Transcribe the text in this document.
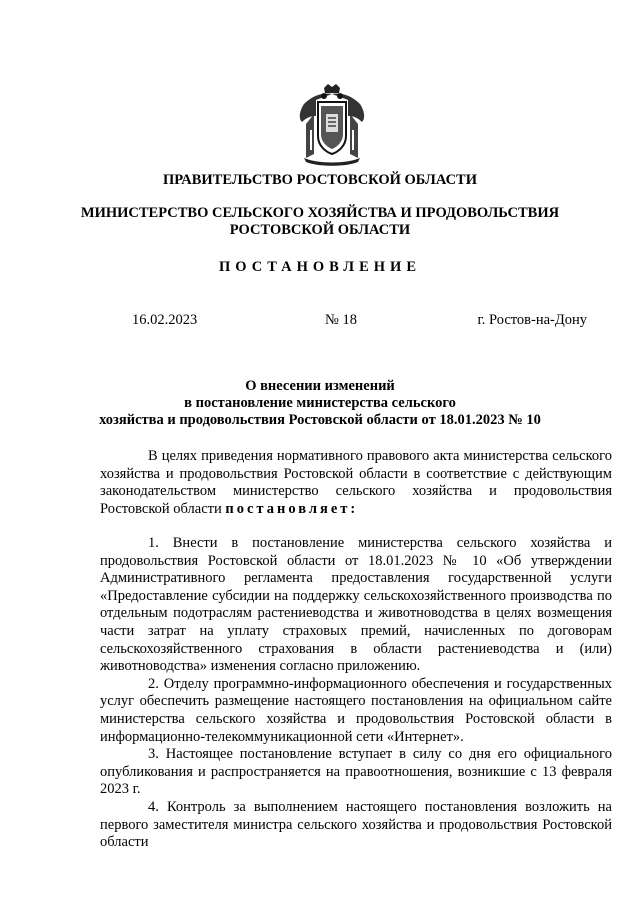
ПРАВИТЕЛЬСТВО РОСТОВСКОЙ ОБЛАСТИ
МИНИСТЕРСТВО СЕЛЬСКОГО ХОЗЯЙСТВА И ПРОДОВОЛЬСТВИЯ
РОСТОВСКОЙ ОБЛАСТИ
ПОСТАНОВЛЕНИЕ
16.02.2023	№ 18	г. Ростов-на-Дону
О внесении изменений
в постановление министерства сельского
хозяйства и продовольствия Ростовской области от 18.01.2023 № 10

В целях приведения нормативного правового акта министерства сельского хозяйства и продовольствия Ростовской области в соответствие с действующим законодательством министерство сельского хозяйства и продовольствия Ростовской области постановляет:

1. Внести в постановление министерства сельского хозяйства и продовольствия Ростовской области от 18.01.2023 № 10 «Об утверждении Административного регламента предоставления государственной услуги «Предоставление субсидии на поддержку сельскохозяйственного производства по отдельным подотраслям растениеводства и животноводства в целях возмещения части затрат на уплату страховых премий, начисленных по договорам сельскохозяйственного страхования в области растениеводства и (или) животноводства» изменения согласно приложению.

2. Отделу программно-информационного обеспечения и государственных услуг обеспечить размещение настоящего постановления на официальном сайте министерства сельского хозяйства и продовольствия Ростовской области в информационно-телекоммуникационной сети «Интернет».

3. Настоящее постановление вступает в силу со дня его официального опубликования и распространяется на правоотношения, возникшие с 13 февраля 2023 г.

4. Контроль за выполнением настоящего постановления возложить на первого заместителя министра сельского хозяйства и продовольствия Ростовской области
